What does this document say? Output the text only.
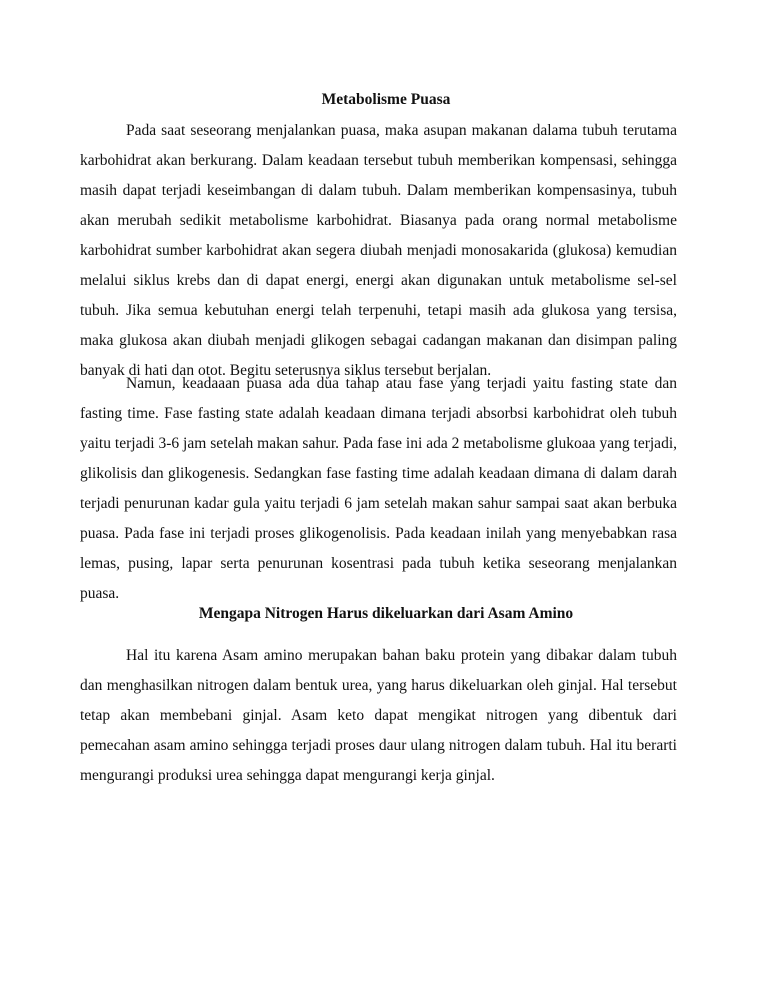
Metabolisme Puasa

Pada saat seseorang menjalankan puasa, maka asupan makanan dalama tubuh terutama karbohidrat akan berkurang. Dalam keadaan tersebut tubuh memberikan kompensasi, sehingga masih dapat terjadi keseimbangan di dalam tubuh. Dalam memberikan kompensasinya, tubuh akan merubah sedikit metabolisme karbohidrat. Biasanya pada orang normal metabolisme karbohidrat sumber karbohidrat akan segera diubah menjadi monosakarida (glukosa) kemudian melalui siklus krebs dan di dapat energi, energi akan digunakan untuk metabolisme sel-sel tubuh. Jika semua kebutuhan energi telah terpenuhi, tetapi masih ada glukosa yang tersisa, maka glukosa akan diubah menjadi glikogen sebagai cadangan makanan dan disimpan paling banyak di hati dan otot. Begitu seterusnya siklus tersebut berjalan.

Namun, keadaaan puasa ada dua tahap atau fase yang terjadi yaitu fasting state dan fasting time. Fase fasting state adalah keadaan dimana terjadi absorbsi karbohidrat oleh tubuh yaitu terjadi 3-6 jam setelah makan sahur. Pada fase ini ada 2 metabolisme glukoaa yang terjadi, glikolisis dan glikogenesis. Sedangkan fase fasting time adalah keadaan dimana di dalam darah terjadi penurunan kadar gula yaitu terjadi 6 jam setelah makan sahur sampai saat akan berbuka puasa. Pada fase ini terjadi proses glikogenolisis. Pada keadaan inilah yang menyebabkan rasa lemas, pusing, lapar serta penurunan kosentrasi pada tubuh ketika seseorang menjalankan puasa.

Mengapa Nitrogen Harus dikeluarkan dari Asam Amino

Hal itu karena Asam amino merupakan bahan baku protein yang dibakar dalam tubuh dan menghasilkan nitrogen dalam bentuk urea, yang harus dikeluarkan oleh ginjal. Hal tersebut tetap akan membebani ginjal. Asam keto dapat mengikat nitrogen yang dibentuk dari pemecahan asam amino sehingga terjadi proses daur ulang nitrogen dalam tubuh. Hal itu berarti mengurangi produksi urea sehingga dapat mengurangi kerja ginjal.
